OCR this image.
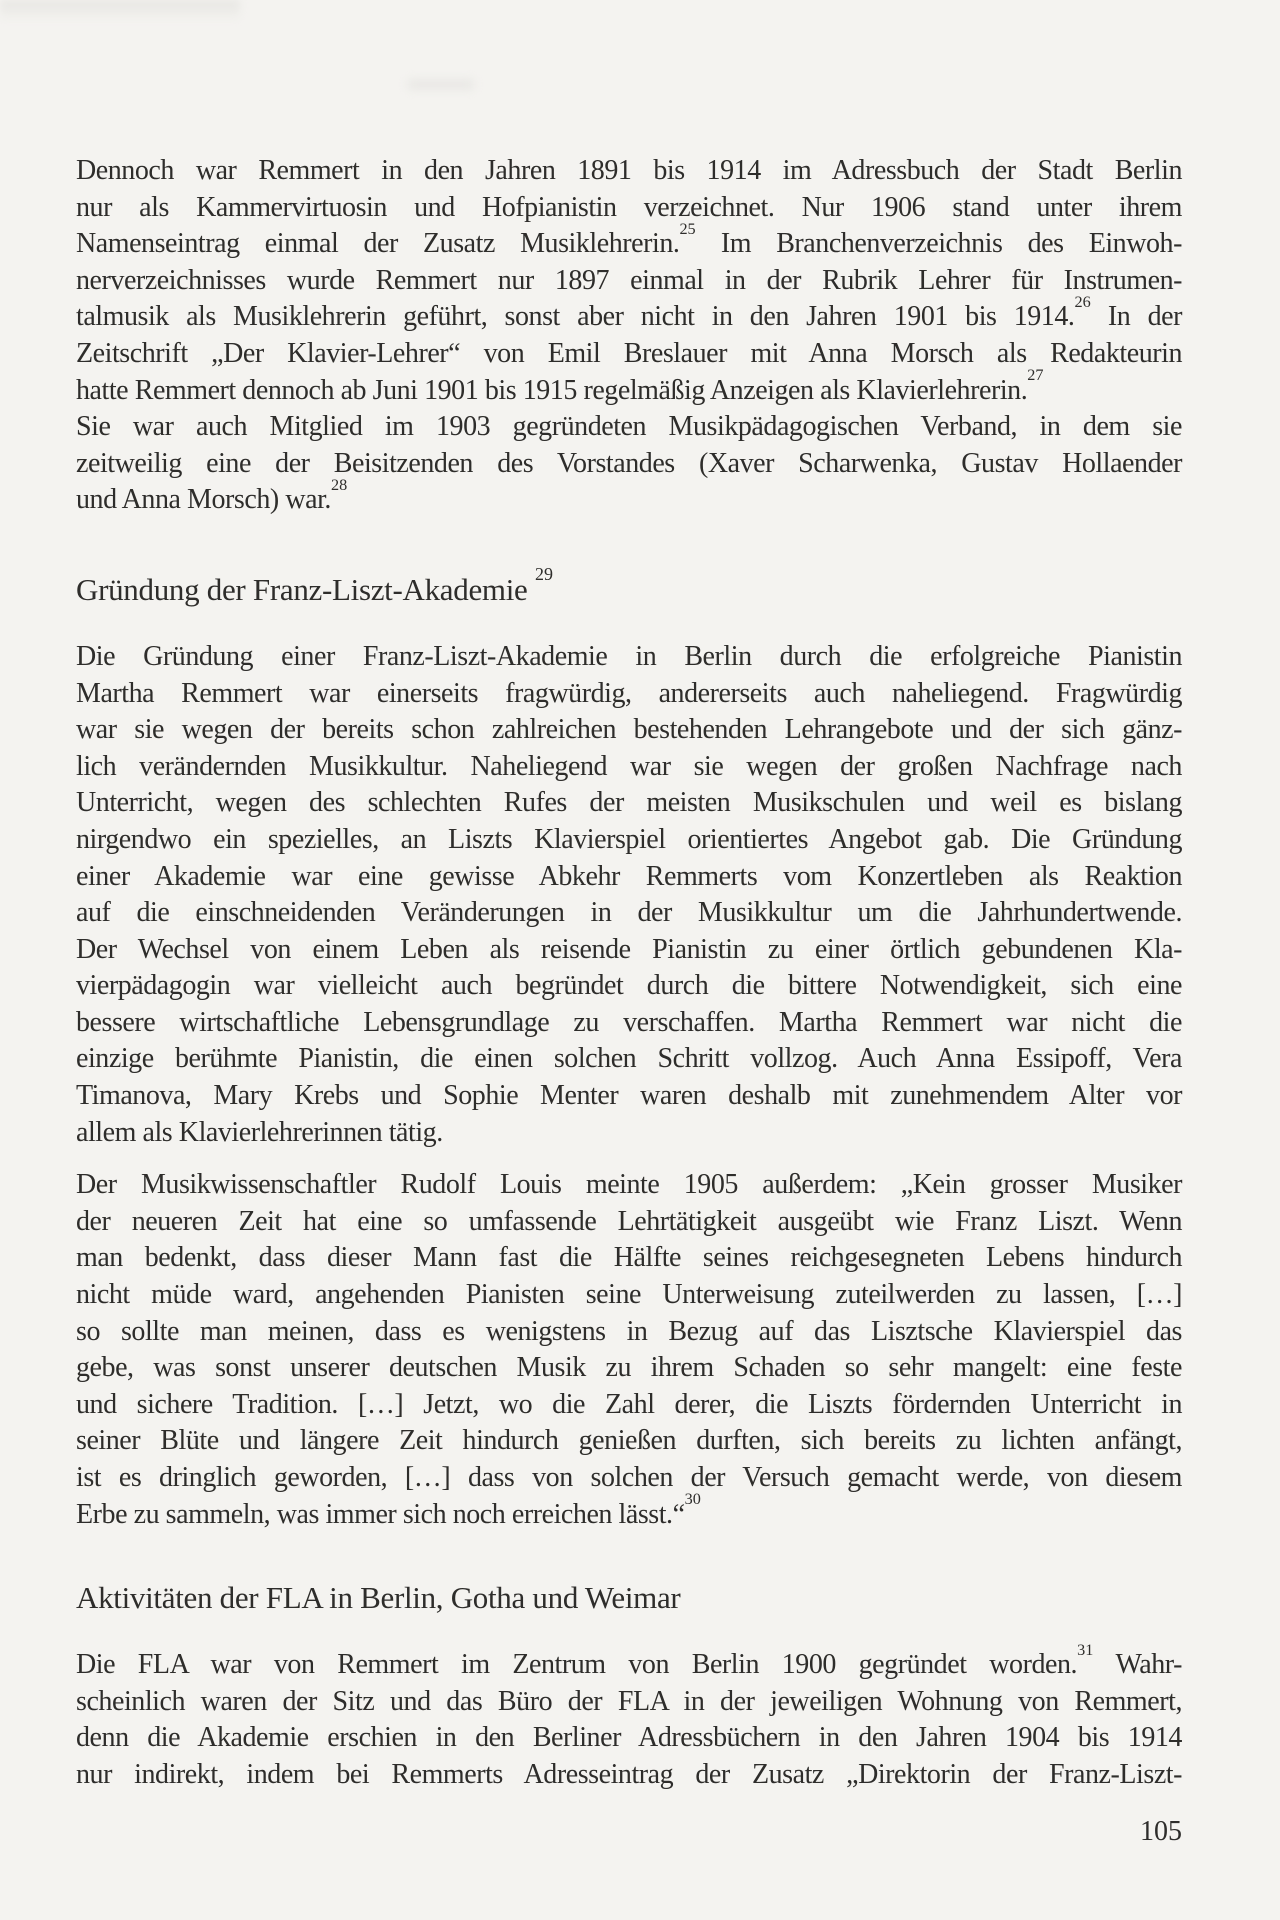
Dennoch war Remmert in den Jahren 1891 bis 1914 im Adressbuch der Stadt Berlin
nur als Kammervirtuosin und Hofpianistin verzeichnet. Nur 1906 stand unter ihrem
Namenseintrag einmal der Zusatz Musiklehrerin.$^{25}$ Im Branchenverzeichnis des Einwoh-
nerverzeichnisses wurde Remmert nur 1897 einmal in der Rubrik Lehrer für Instrumen-
talmusik als Musiklehrerin geführt, sonst aber nicht in den Jahren 1901 bis 1914.26 In der
Zeitschrift „Der Klavier-Lehrer“ von Emil Breslauer mit Anna Morsch als Redakteurin
hatte Remmert dennoch ab Juni 1901 bis 1915 regelmäßig Anzeigen als Klavierlehrerin.$^{27}$
Sie war auch Mitglied im 1903 gegründeten Musikpädagogischen Verband, in dem sie
zeitweilig eine der Beisitzenden des Vorstandes (Xaver Scharwenka, Gustav Hollaender
und Anna Morsch) war.$^{28}$
Gründung der Franz-Liszt-Akademie $^{29}$
Die Gründung einer Franz-Liszt-Akademie in Berlin durch die erfolgreiche Pianistin
Martha Remmert war einerseits fragwürdig, andererseits auch naheliegend. Fragwürdig
war sie wegen der bereits schon zahlreichen bestehenden Lehrangebote und der sich gänz-
lich verändernden Musikkultur. Naheliegend war sie wegen der großen Nachfrage nach
Unterricht, wegen des schlechten Rufes der meisten Musikschulen und weil es bislang
nirgendwo ein spezielles, an Liszts Klavierspiel orientiertes Angebot gab. Die Gründung
einer Akademie war eine gewisse Abkehr Remmerts vom Konzertleben als Reaktion
auf die einschneidenden Veränderungen in der Musikkultur um die Jahrhundertwende.
Der Wechsel von einem Leben als reisende Pianistin zu einer örtlich gebundenen Kla-
vierpädagogin war vielleicht auch begründet durch die bittere Notwendigkeit, sich eine
bessere wirtschaftliche Lebensgrundlage zu verschaffen. Martha Remmert war nicht die
einzige berühmte Pianistin, die einen solchen Schritt vollzog. Auch Anna Essipoff, Vera
Timanova, Mary Krebs und Sophie Menter waren deshalb mit zunehmendem Alter vor
allem als Klavierlehrerinnen tätig.
Der Musikwissenschaftler Rudolf Louis meinte 1905 außerdem: „Kein grosser Musiker
der neueren Zeit hat eine so umfassende Lehrtätigkeit ausgeübt wie Franz Liszt. Wenn
man bedenkt, dass dieser Mann fast die Hälfte seines reichgesegneten Lebens hindurch
nicht müde ward, angehenden Pianisten seine Unterweisung zuteilwerden zu lassen, […]
so sollte man meinen, dass es wenigstens in Bezug auf das Lisztsche Klavierspiel das
gebe, was sonst unserer deutschen Musik zu ihrem Schaden so sehr mangelt: eine feste
und sichere Tradition. […] Jetzt, wo die Zahl derer, die Liszts fördernden Unterricht in
seiner Blüte und längere Zeit hindurch genießen durften, sich bereits zu lichten anfängt,
ist es dringlich geworden, […] dass von solchen der Versuch gemacht werde, von diesem
Erbe zu sammeln, was immer sich noch erreichen lässt.“$^{30}$
Aktivitäten der FLA in Berlin, Gotha und Weimar
Die FLA war von Remmert im Zentrum von Berlin 1900 gegründet worden.$^{31}$ Wahr-
scheinlich waren der Sitz und das Büro der FLA in der jeweiligen Wohnung von Remmert,
denn die Akademie erschien in den Berliner Adressbüchern in den Jahren 1904 bis 1914
nur indirekt, indem bei Remmerts Adresseintrag der Zusatz „Direktorin der Franz-Liszt-
105
